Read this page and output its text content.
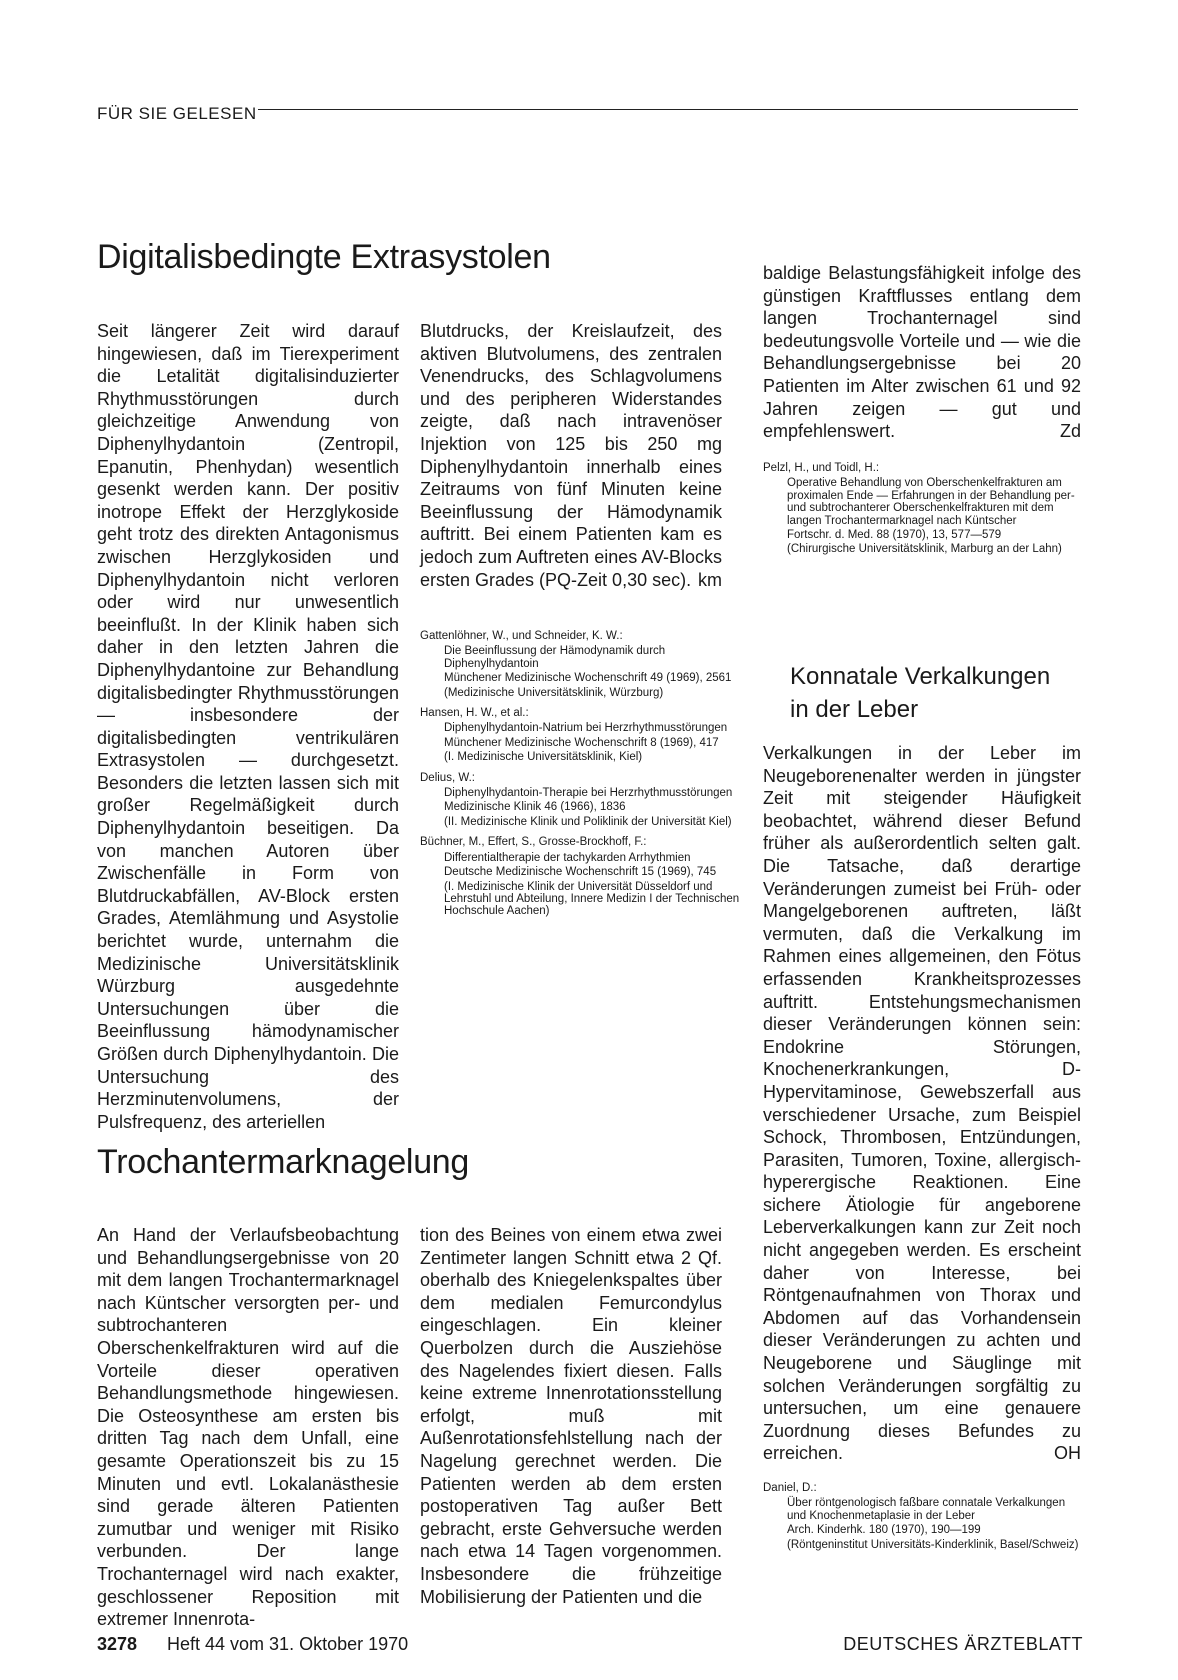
FÜR SIE GELESEN
Digitalisbedingte Extrasystolen

Seit längerer Zeit wird darauf hingewiesen, daß im Tierexperiment die Letalität digitalisinduzierter Rhythmusstörungen durch gleichzeitige Anwendung von Diphenylhydantoin (Zentropil, Epanutin, Phenhydan) wesentlich gesenkt werden kann. Der positiv inotrope Effekt der Herzglykoside geht trotz des direkten Antagonismus zwischen Herzglykosiden und Diphenylhydantoin nicht verloren oder wird nur unwesentlich beeinflußt. In der Klinik haben sich daher in den letzten Jahren die Diphenylhydantoine zur Behandlung digitalisbedingter Rhythmusstörungen — insbesondere der digitalisbedingten ventrikulären Extrasystolen — durchgesetzt. Besonders die letzten lassen sich mit großer Regelmäßigkeit durch Diphenylhydantoin beseitigen. Da von manchen Autoren über Zwischenfälle in Form von Blutdruckabfällen, AV-Block ersten Grades, Atemlähmung und Asystolie berichtet wurde, unternahm die Medizinische Universitätsklinik Würzburg ausgedehnte Untersuchungen über die Beeinflussung hämodynamischer Größen durch Diphenylhydantoin. Die Untersuchung des Herzminutenvolumens, der Pulsfrequenz, des arteriellen

Blutdrucks, der Kreislaufzeit, des aktiven Blutvolumens, des zentralen Venendrucks, des Schlagvolumens und des peripheren Widerstandes zeigte, daß nach intravenöser Injektion von 125 bis 250 mg Diphenylhydantoin innerhalb eines Zeitraums von fünf Minuten keine Beeinflussung der Hämodynamik auftritt. Bei einem Patienten kam es jedoch zum Auftreten eines AV-Blocks ersten Grades (PQ-Zeit 0,30 sec). km
Gattenlöhner, W., und Schneider, K. W.:
Die Beeinflussung der Hämodynamik durch Diphenylhydantoin
Münchener Medizinische Wochenschrift 49 (1969), 2561
(Medizinische Universitätsklinik, Würzburg)
Hansen, H. W., et al.:
Diphenylhydantoin-Natrium bei Herzrhythmusstörungen
Münchener Medizinische Wochenschrift 8 (1969), 417
(I. Medizinische Universitätsklinik, Kiel)
Delius, W.:
Diphenylhydantoin-Therapie bei Herzrhythmusstörungen
Medizinische Klinik 46 (1966), 1836
(II. Medizinische Klinik und Poliklinik der Universität Kiel)
Büchner, M., Effert, S., Grosse-Brockhoff, F.:
Differentialtherapie der tachykarden Arrhythmien
Deutsche Medizinische Wochenschrift 15 (1969), 745
(I. Medizinische Klinik der Universität Düsseldorf und Lehrstuhl und Abteilung, Innere Medizin I der Technischen Hochschule Aachen)
Trochantermarknagelung

An Hand der Verlaufsbeobachtung und Behandlungsergebnisse von 20 mit dem langen Trochantermarknagel nach Küntscher versorgten per- und subtrochanteren Oberschenkelfrakturen wird auf die Vorteile dieser operativen Behandlungsmethode hingewiesen. Die Osteosynthese am ersten bis dritten Tag nach dem Unfall, eine gesamte Operationszeit bis zu 15 Minuten und evtl. Lokalanästhesie sind gerade älteren Patienten zumutbar und weniger mit Risiko verbunden. Der lange Trochanternagel wird nach exakter, geschlossener Reposition mit extremer Innenrota-

tion des Beines von einem etwa zwei Zentimeter langen Schnitt etwa 2 Qf. oberhalb des Kniegelenkspaltes über dem medialen Femurcondylus eingeschlagen. Ein kleiner Querbolzen durch die Ausziehöse des Nagelendes fixiert diesen. Falls keine extreme Innenrotationsstellung erfolgt, muß mit Außenrotationsfehlstellung nach der Nagelung gerechnet werden. Die Patienten werden ab dem ersten postoperativen Tag außer Bett gebracht, erste Gehversuche werden nach etwa 14 Tagen vorgenommen. Insbesondere die frühzeitige Mobilisierung der Patienten und die

baldige Belastungsfähigkeit infolge des günstigen Kraftflusses entlang dem langen Trochanternagel sind bedeutungsvolle Vorteile und — wie die Behandlungsergebnisse bei 20 Patienten im Alter zwischen 61 und 92 Jahren zeigen — gut und empfehlenswert.	Zd
Pelzl, H., und Toidl, H.:
Operative Behandlung von Oberschenkelfrakturen am proximalen Ende — Erfahrungen in der Behandlung per- und subtrochanterer Oberschenkelfrakturen mit dem langen Trochantermarknagel nach Küntscher
Fortschr. d. Med. 88 (1970), 13, 577—579
(Chirurgische Universitätsklinik, Marburg an der Lahn)
Konnatale Verkalkungen
in der Leber

Verkalkungen in der Leber im Neugeborenenalter werden in jüngster Zeit mit steigender Häufigkeit beobachtet, während dieser Befund früher als außerordentlich selten galt. Die Tatsache, daß derartige Veränderungen zumeist bei Früh- oder Mangelgeborenen auftreten, läßt vermuten, daß die Verkalkung im Rahmen eines allgemeinen, den Fötus erfassenden Krankheitsprozesses auftritt. Entstehungsmechanismen dieser Veränderungen können sein: Endokrine Störungen, Knochenerkrankungen, D-Hypervitaminose, Gewebszerfall aus verschiedener Ursache, zum Beispiel Schock, Thrombosen, Entzündungen, Parasiten, Tumoren, Toxine, allergisch-hyperergische Reaktionen. Eine sichere Ätiologie für angeborene Leberverkalkungen kann zur Zeit noch nicht angegeben werden. Es erscheint daher von Interesse, bei Röntgenaufnahmen von Thorax und Abdomen auf das Vorhandensein dieser Veränderungen zu achten und Neugeborene und Säuglinge mit solchen Veränderungen sorgfältig zu untersuchen, um eine genauere Zuordnung dieses Befundes zu erreichen.	OH
Daniel, D.:
Über röntgenologisch faßbare connatale Verkalkungen und Knochenmetaplasie in der Leber
Arch. Kinderhk. 180 (1970), 190—199
(Röntgeninstitut Universitäts-Kinderklinik, Basel/Schweiz)
3278 Heft 44 vom 31. Oktober 1970	DEUTSCHES ÄRZTEBLATT
